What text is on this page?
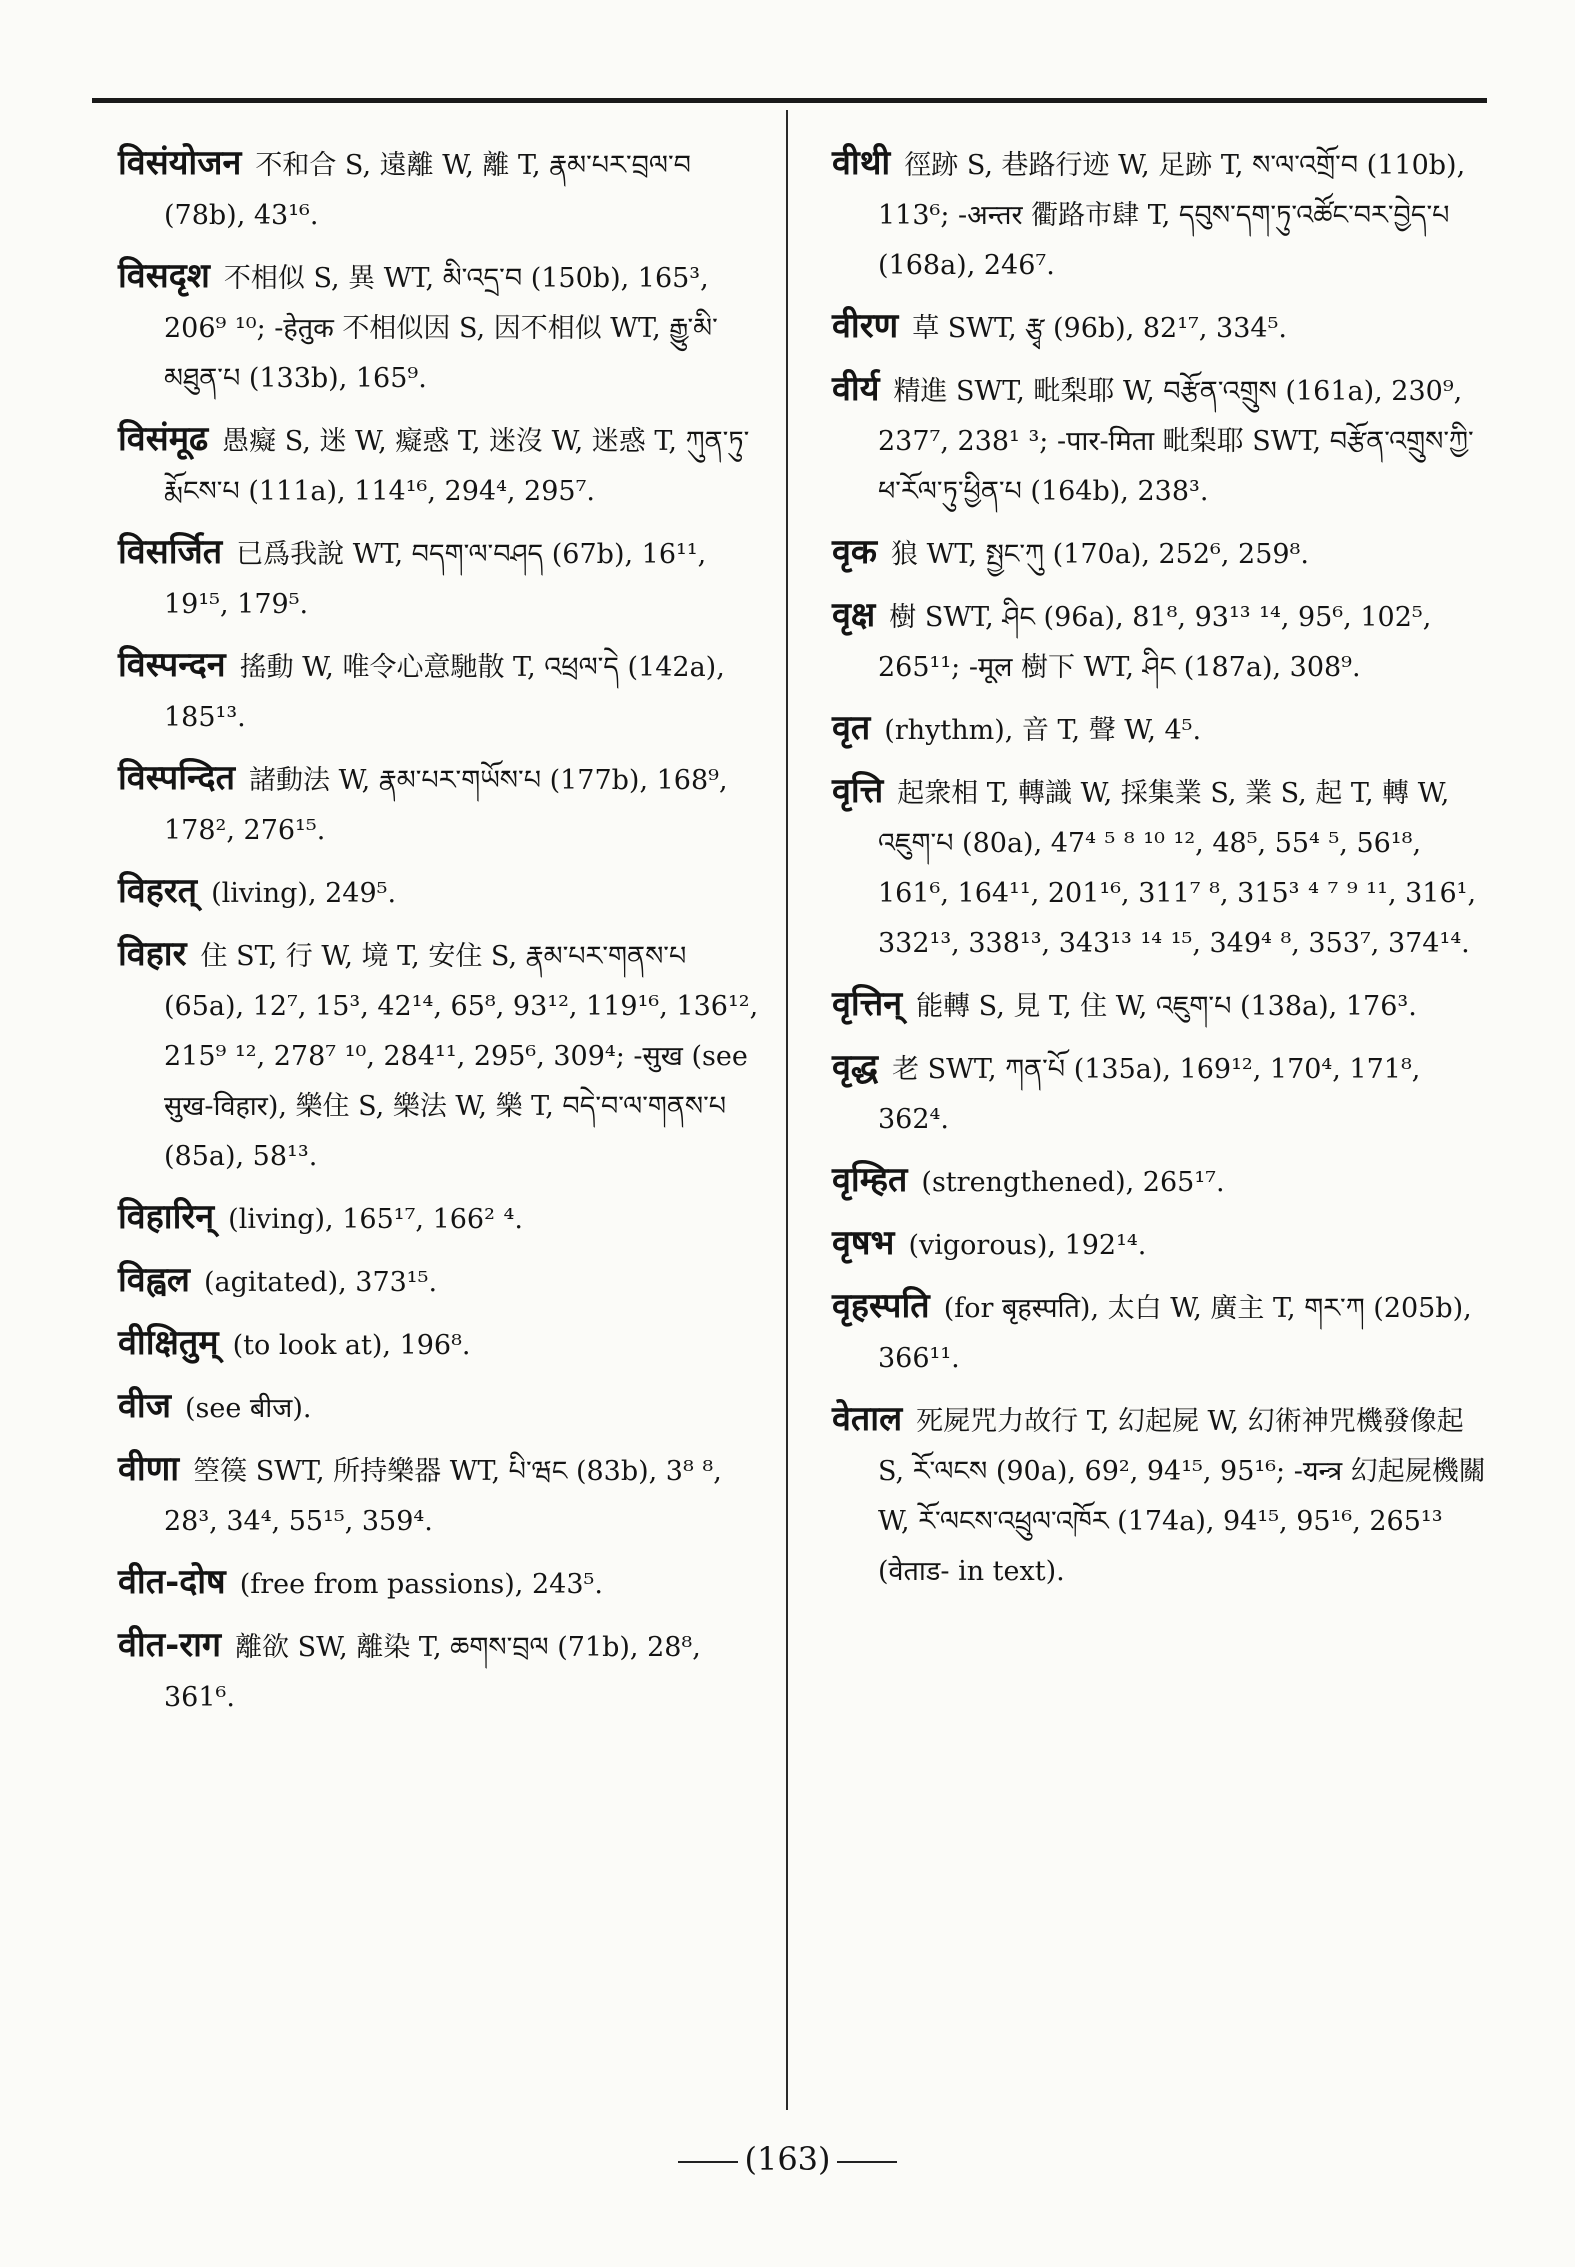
विसंयोजन 不和合 S, 遠離 W, 離 T, རྣམ་པར་བྲལ་བ (78b), 43¹⁶.
विसदृश 不相似 S, 異 WT, མི་འདྲ་བ (150b), 165³, 206⁹ ¹⁰; -हेतुक 不相似因 S, 因不相似 WT, རྒྱུ་མི་མཐུན་པ (133b), 165⁹.
विसंमूढ 愚癡 S, 迷 W, 癡惑 T, 迷沒 W, 迷惑 T, ཀུན་ཏུ་རྨོངས་པ (111a), 114¹⁶, 294⁴, 295⁷.
विसर्जित 已爲我說 WT, བདག་ལ་བཤད (67b), 16¹¹, 19¹⁵, 179⁵.
विस्पन्दन 搖動 W, 唯令心意馳散 T, འཕྲལ་དེ (142a), 185¹³.
विस्पन्दित 諸動法 W, རྣམ་པར་གཡོས་པ (177b), 168⁹, 178², 276¹⁵.
विहरत् (living), 249⁵.
विहार 住 ST, 行 W, 境 T, 安住 S, རྣམ་པར་གནས་པ (65a), 12⁷, 15³, 42¹⁴, 65⁸, 93¹², 119¹⁶, 136¹², 215⁹ ¹², 278⁷ ¹⁰, 284¹¹, 295⁶, 309⁴; -सुख (see सुख-विहार), 樂住 S, 樂法 W, 樂 T, བདེ་བ་ལ་གནས་པ (85a), 58¹³.
विहारिन् (living), 165¹⁷, 166² ⁴.
विह्वल (agitated), 373¹⁵.
वीक्षितुम् (to look at), 196⁸.
वीज (see बीज).
वीणा 箜篌 SWT, 所持樂器 WT, པི་ཝང (83b), 3⁸ ⁸, 28³, 34⁴, 55¹⁵, 359⁴.
वीत-दोष (free from passions), 243⁵.
वीत-राग 離欲 SW, 離染 T, ཆགས་བྲལ (71b), 28⁸, 361⁶.
वीथी 徑跡 S, 巷路行迹 W, 足跡 T, ས་ལ་འགྲོ་བ (110b), 113⁶; -अन्तर 衢路市肆 T, དབུས་དག་ཏུ་འཚོང་བར་བྱེད་པ (168a), 246⁷.
वीरण 草 SWT, རྩྭ (96b), 82¹⁷, 334⁵.
वीर्य 精進 SWT, 毗梨耶 W, བརྩོན་འགྲུས (161a), 230⁹, 237⁷, 238¹ ³; -पार-मिता 毗梨耶 SWT, བརྩོན་འགྲུས་ཀྱི་ཕ་རོལ་ཏུ་ཕྱིན་པ (164b), 238³.
वृक 狼 WT, སྤྱང་ཀུ (170a), 252⁶, 259⁸.
वृक्ष 樹 SWT, ཤིང (96a), 81⁸, 93¹³ ¹⁴, 95⁶, 102⁵, 265¹¹; -मूल 樹下 WT, ཤིང (187a), 308⁹.
वृत (rhythm), 音 T, 聲 W, 4⁵.
वृत्ति 起衆相 T, 轉識 W, 採集業 S, 業 S, 起 T, 轉 W, འཇུག་པ (80a), 47⁴ ⁵ ⁸ ¹⁰ ¹², 48⁵, 55⁴ ⁵, 56¹⁸, 161⁶, 164¹¹, 201¹⁶, 311⁷ ⁸, 315³ ⁴ ⁷ ⁹ ¹¹, 316¹, 332¹³, 338¹³, 343¹³ ¹⁴ ¹⁵, 349⁴ ⁸, 353⁷, 374¹⁴.
वृत्तिन् 能轉 S, 見 T, 住 W, འཇུག་པ (138a), 176³.
वृद्ध 老 SWT, ཀན་པོ (135a), 169¹², 170⁴, 171⁸, 362⁴.
वृम्हित (strengthened), 265¹⁷.
वृषभ (vigorous), 192¹⁴.
वृहस्पति (for बृहस्पति), 太白 W, 廣主 T, གར་ཀ (205b), 366¹¹.
वेताल 死屍咒力故行 T, 幻起屍 W, 幻術神咒機發像起 S, རོ་ལངས (90a), 69², 94¹⁵, 95¹⁶; -यन्त्र 幻起屍機關 W, རོ་ལངས་འཕྲུལ་འཁོར (174a), 94¹⁵, 95¹⁶, 265¹³ (वेताड- in text).
(163)
